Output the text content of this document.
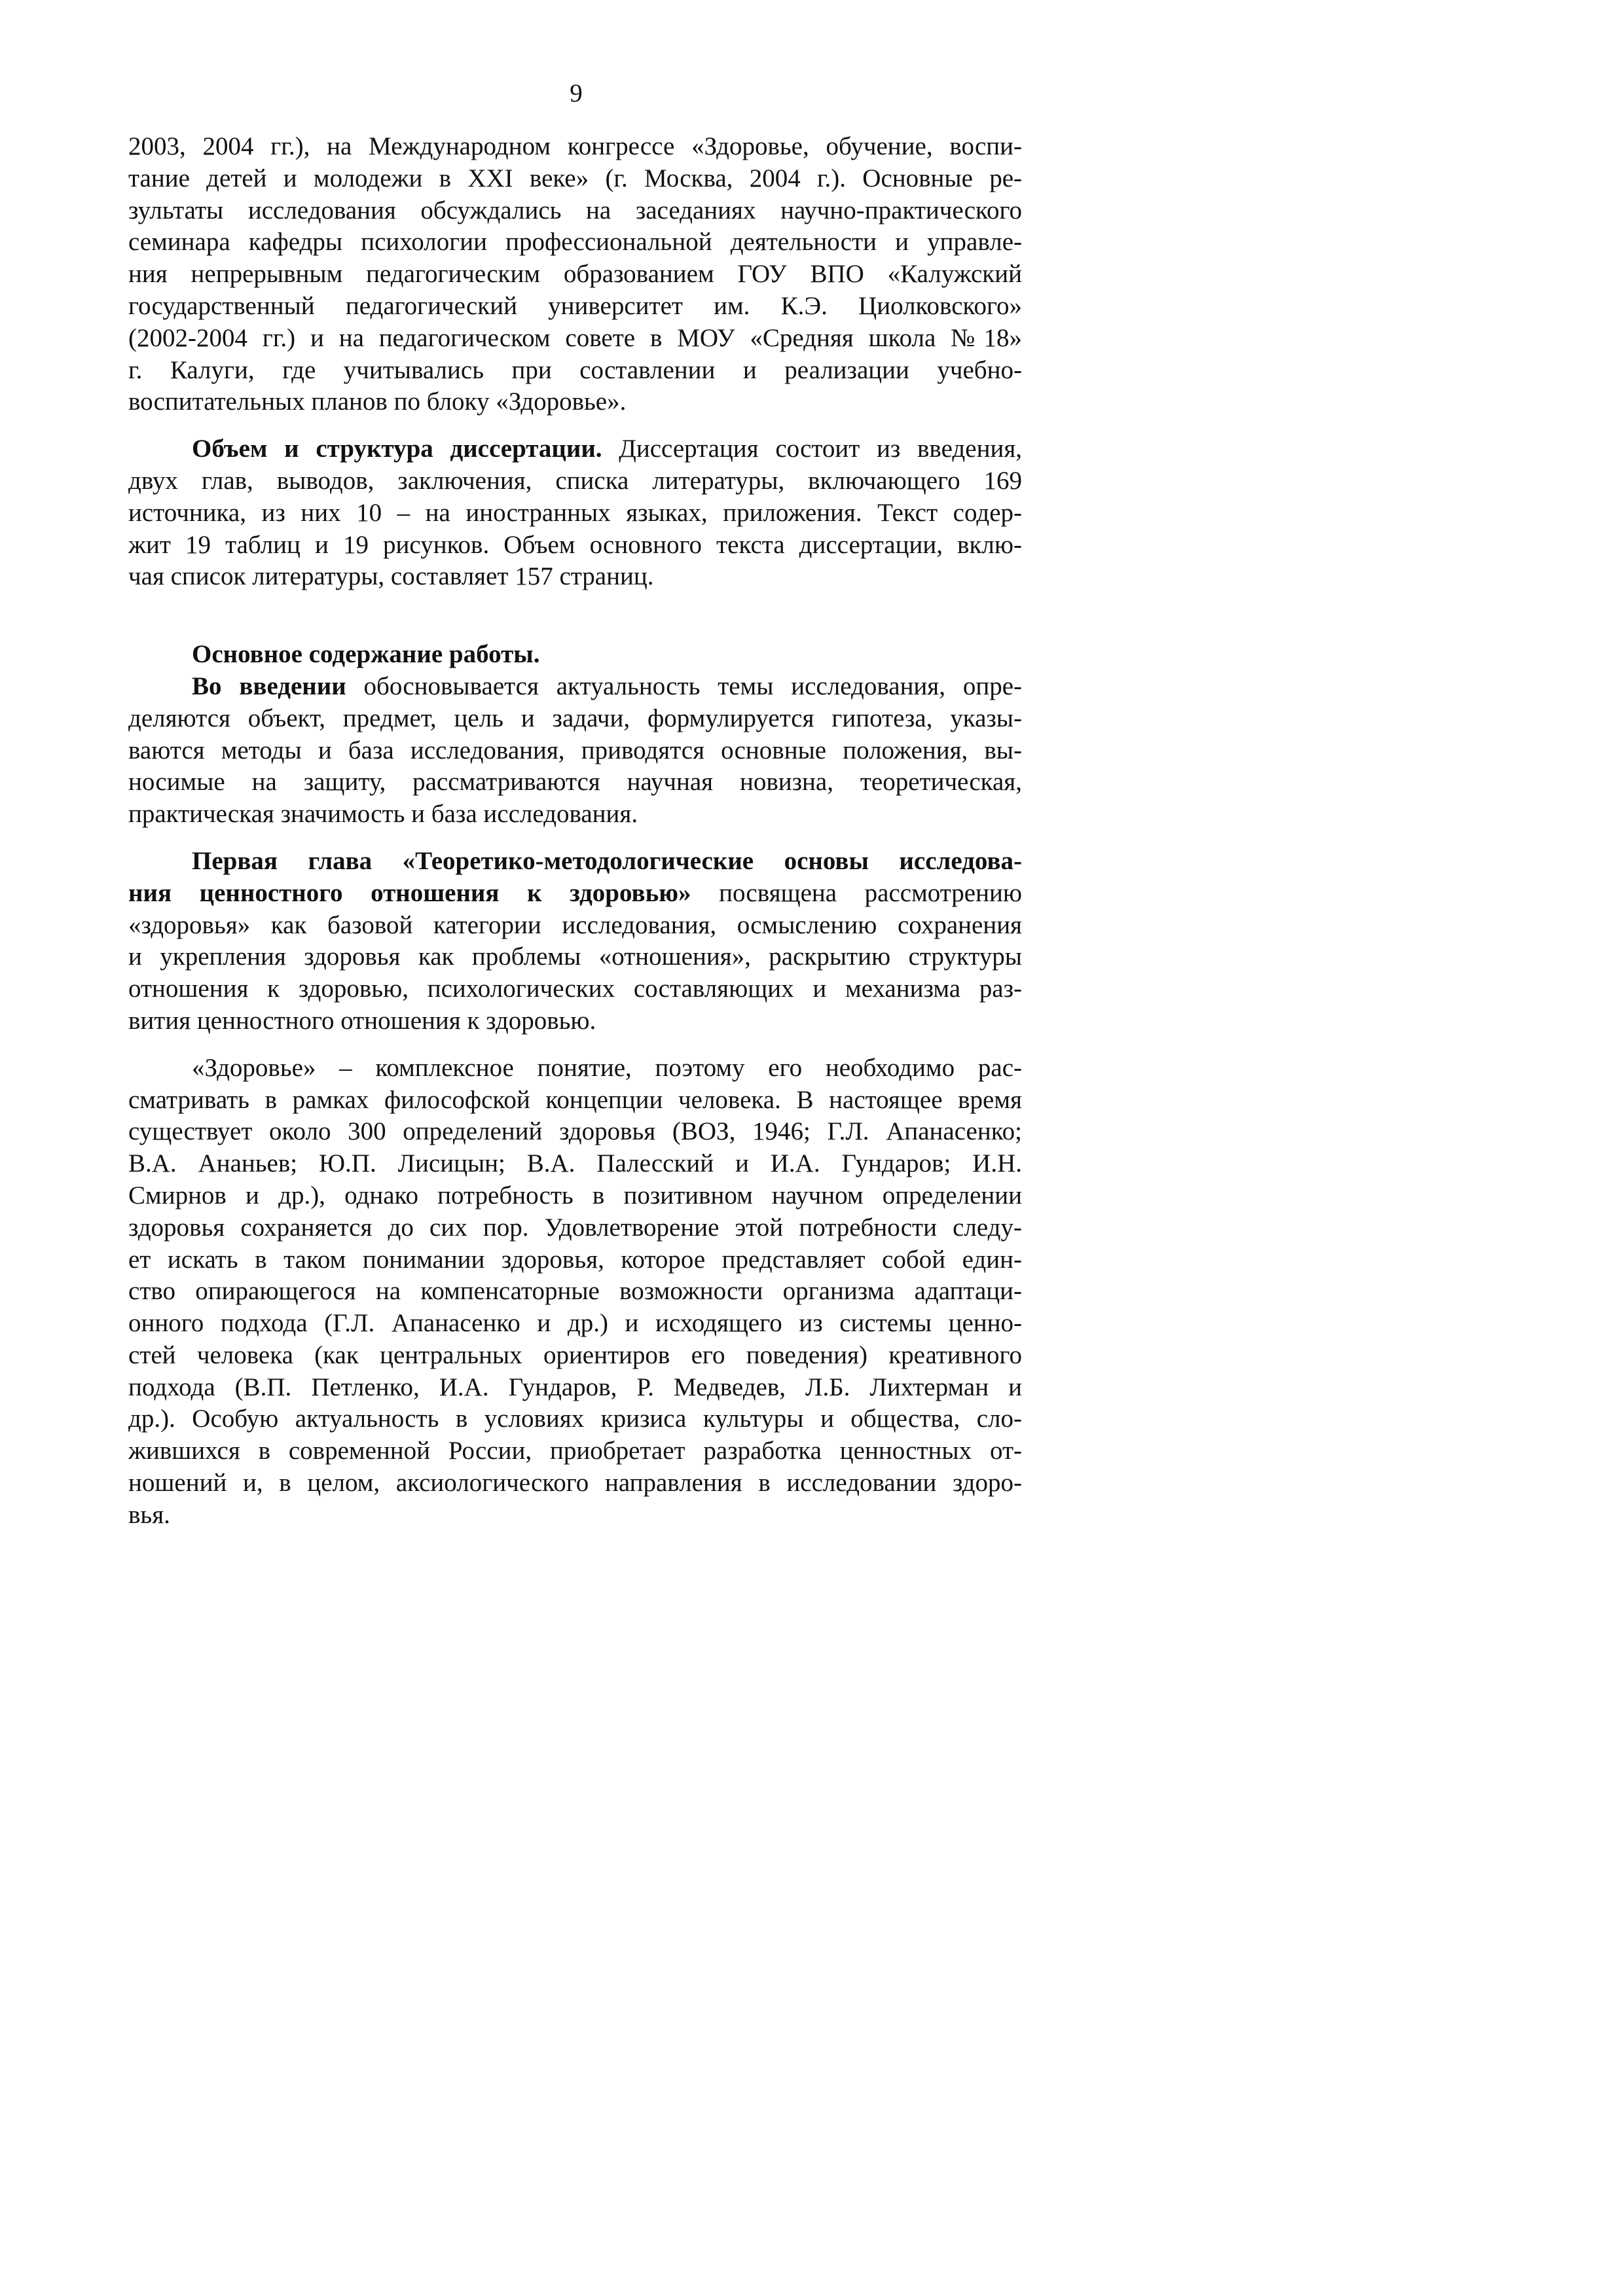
9
2003, 2004 гг.), на Международном конгрессе «Здоровье, обучение, воспи-
тание детей и молодежи в XXI веке» (г. Москва, 2004 г.). Основные ре-
зультаты исследования обсуждались на заседаниях научно-практического
семинара кафедры психологии профессиональной деятельности и управле-
ния непрерывным педагогическим образованием ГОУ ВПО «Калужский
государственный педагогический университет им. К.Э. Циолковского»
(2002-2004 гг.) и на педагогическом совете в МОУ «Средняя школа №18»
г. Калуги, где учитывались при составлении и реализации учебно-
воспитательных планов по блоку «Здоровье».
Объем и структура диссертации. Диссертация состоит из введения,
двух глав, выводов, заключения, списка литературы, включающего 169
источника, из них 10 – на иностранных языках, приложения. Текст содер-
жит 19 таблиц и 19 рисунков. Объем основного текста диссертации, вклю-
чая список литературы, составляет 157 страниц.
Основное содержание работы.
Во введении обосновывается актуальность темы исследования, опре-
деляются объект, предмет, цель и задачи, формулируется гипотеза, указы-
ваются методы и база исследования, приводятся основные положения, вы-
носимые на защиту, рассматриваются научная новизна, теоретическая,
практическая значимость и база исследования.
Первая глава «Теоретико-методологические основы исследова-
ния ценностного отношения к здоровью» посвящена рассмотрению
«здоровья» как базовой категории исследования, осмыслению сохранения
и укрепления здоровья как проблемы «отношения», раскрытию структуры
отношения к здоровью, психологических составляющих и механизма раз-
вития ценностного отношения к здоровью.
«Здоровье» – комплексное понятие, поэтому его необходимо рас-
сматривать в рамках философской концепции человека. В настоящее время
существует около 300 определений здоровья (ВОЗ, 1946; Г.Л. Апанасенко;
В.А. Ананьев; Ю.П. Лисицын; В.А. Палесский и И.А. Гундаров; И.Н.
Смирнов и др.), однако потребность в позитивном научном определении
здоровья сохраняется до сих пор. Удовлетворение этой потребности следу-
ет искать в таком понимании здоровья, которое представляет собой един-
ство опирающегося на компенсаторные возможности организма адаптаци-
онного подхода (Г.Л. Апанасенко и др.) и исходящего из системы ценно-
стей человека (как центральных ориентиров его поведения) креативного
подхода (В.П. Петленко, И.А. Гундаров, Р. Медведев, Л.Б. Лихтерман и
др.). Особую актуальность в условиях кризиса культуры и общества, сло-
жившихся в современной России, приобретает разработка ценностных от-
ношений и, в целом, аксиологического направления в исследовании здоро-
вья.
